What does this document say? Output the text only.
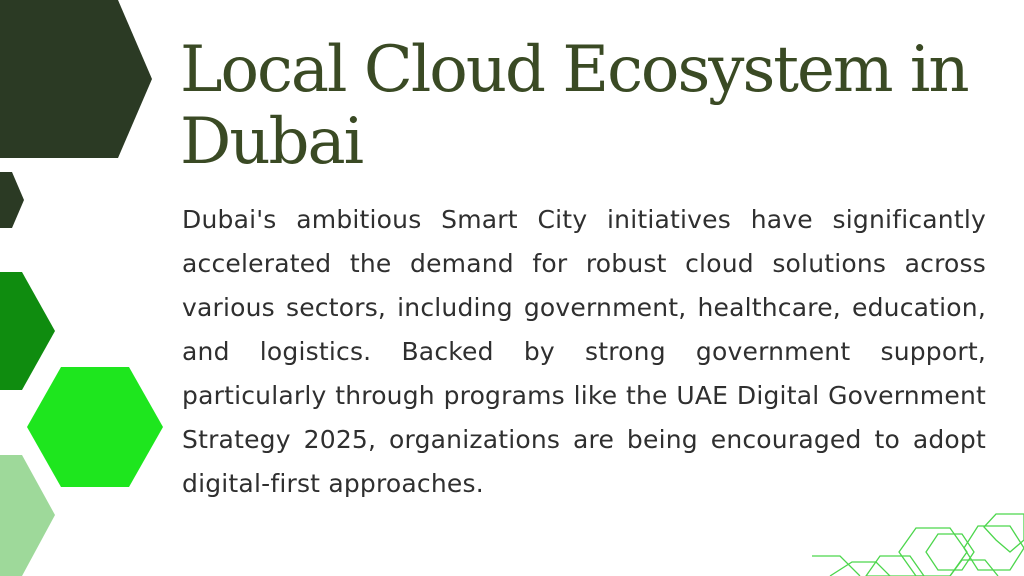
Local Cloud Ecosystem in Dubai

Dubai's ambitious Smart City initiatives have significantly accelerated the demand for robust cloud solutions across various sectors, including government, healthcare, education, and logistics. Backed by strong government support, particularly through programs like the UAE Digital Government Strategy 2025, organizations are being encouraged to adopt digital-first approaches.
